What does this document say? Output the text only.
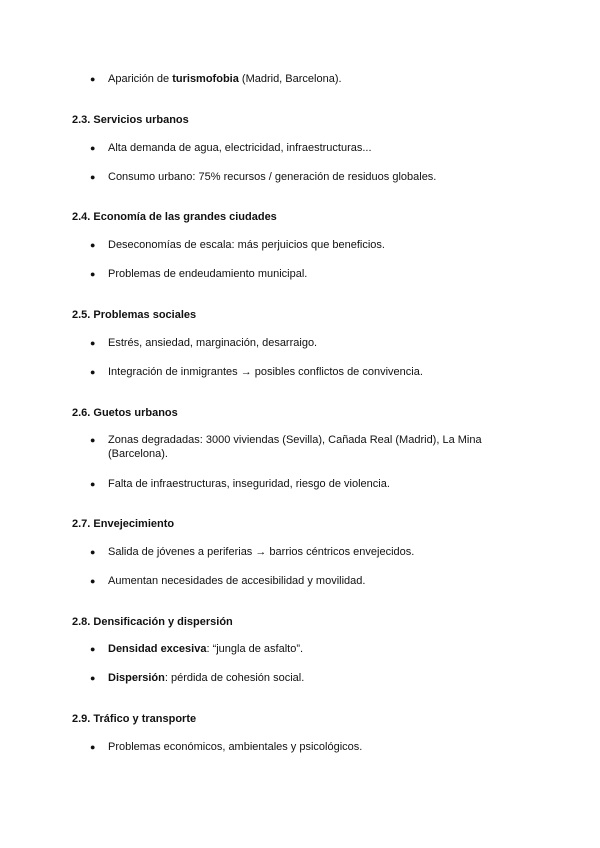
● Aparición de turismofobia (Madrid, Barcelona).
2.3. Servicios urbanos
● Alta demanda de agua, electricidad, infraestructuras...
● Consumo urbano: 75% recursos / generación de residuos globales.
2.4. Economía de las grandes ciudades
● Deseconomías de escala: más perjuicios que beneficios.
● Problemas de endeudamiento municipal.
2.5. Problemas sociales
● Estrés, ansiedad, marginación, desarraigo.
● Integración de inmigrantes → posibles conflictos de convivencia.
2.6. Guetos urbanos
● Zonas degradadas: 3000 viviendas (Sevilla), Cañada Real (Madrid), La Mina (Barcelona).
● Falta de infraestructuras, inseguridad, riesgo de violencia.
2.7. Envejecimiento
● Salida de jóvenes a periferias → barrios céntricos envejecidos.
● Aumentan necesidades de accesibilidad y movilidad.
2.8. Densificación y dispersión
● Densidad excesiva: “jungla de asfalto”.
● Dispersión: pérdida de cohesión social.
2.9. Tráfico y transporte
● Problemas económicos, ambientales y psicológicos.
